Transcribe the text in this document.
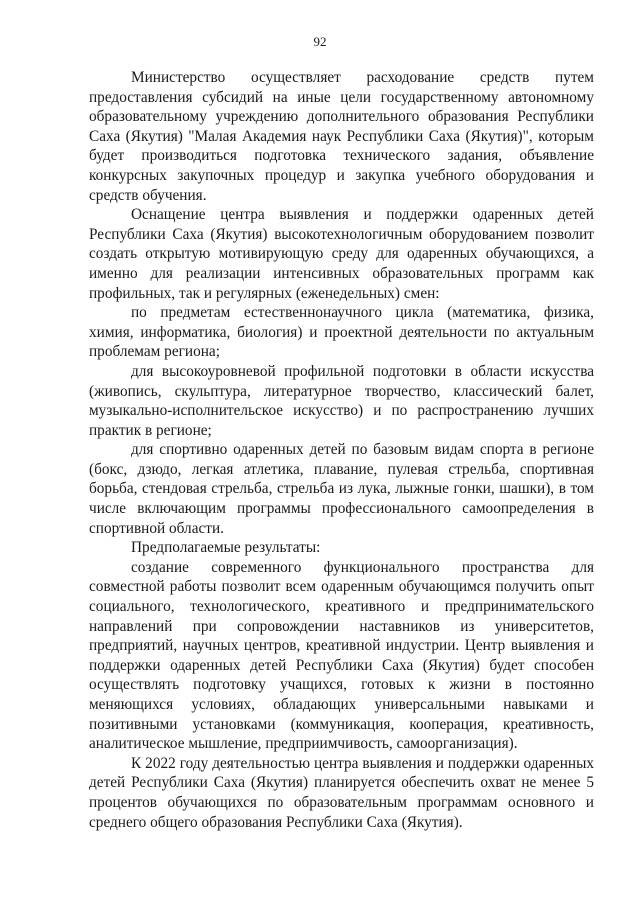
92

Министерство осуществляет расходование средств путем предоставления субсидий на иные цели государственному автономному образовательному учреждению дополнительного образования Республики Саха (Якутия) "Малая Академия наук Республики Саха (Якутия)", которым будет производиться подготовка технического задания, объявление конкурсных закупочных процедур и закупка учебного оборудования и средств обучения.

Оснащение центра выявления и поддержки одаренных детей Республики Саха (Якутия) высокотехнологичным оборудованием позволит создать открытую мотивирующую среду для одаренных обучающихся, а именно для реализации интенсивных образовательных программ как профильных, так и регулярных (еженедельных) смен:

по предметам естественнонаучного цикла (математика, физика, химия, информатика, биология) и проектной деятельности по актуальным проблемам региона;

для высокоуровневой профильной подготовки в области искусства (живопись, скульптура, литературное творчество, классический балет, музыкально-исполнительское искусство) и по распространению лучших практик в регионе;

для спортивно одаренных детей по базовым видам спорта в регионе (бокс, дзюдо, легкая атлетика, плавание, пулевая стрельба, спортивная борьба, стендовая стрельба, стрельба из лука, лыжные гонки, шашки), в том числе включающим программы профессионального самоопределения в спортивной области.

Предполагаемые результаты:

создание современного функционального пространства для совместной работы позволит всем одаренным обучающимся получить опыт социального, технологического, креативного и предпринимательского направлений при сопровождении наставников из университетов, предприятий, научных центров, креативной индустрии. Центр выявления и поддержки одаренных детей Республики Саха (Якутия) будет способен осуществлять подготовку учащихся, готовых к жизни в постоянно меняющихся условиях, обладающих универсальными навыками и позитивными установками (коммуникация, кооперация, креативность, аналитическое мышление, предприимчивость, самоорганизация).

К 2022 году деятельностью центра выявления и поддержки одаренных детей Республики Саха (Якутия) планируется обеспечить охват не менее 5 процентов обучающихся по образовательным программам основного и среднего общего образования Республики Саха (Якутия).
